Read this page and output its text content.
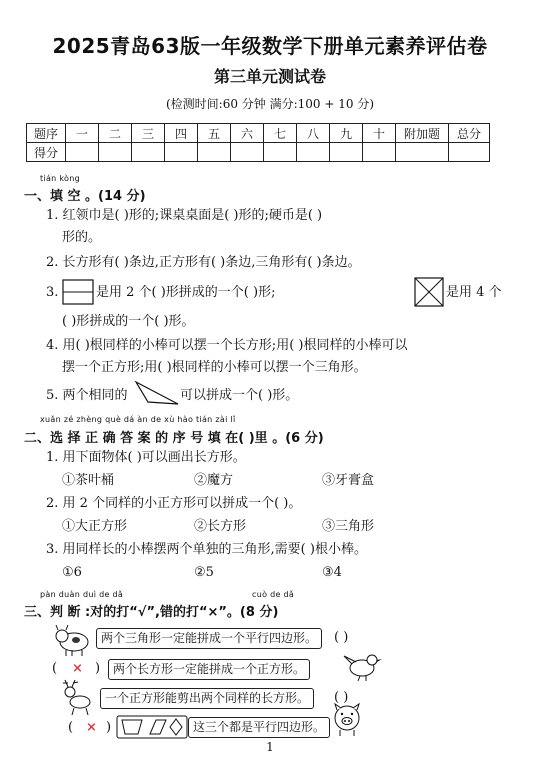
2025青岛63版一年级数学下册单元素养评估卷
第三单元测试卷
(检测时间:60 分钟 满分:100 + 10 分)
题序	一	二	三	四	五	六	七	八	九	十	附加题	总分
得分												
tián kòng
一、填 空 。(14 分)
1. 红领巾是( )形的;课桌桌面是( )形的;硬币是( )
形的。
2. 长方形有( )条边,正方形有( )条边,三角形有( )条边。
3.	是用 2 个( )形拼成的一个( )形;	是用 4 个
( )形拼成的一个( )形。
4. 用( )根同样的小棒可以摆一个长方形;用( )根同样的小棒可以
摆一个正方形;用( )根同样的小棒可以摆一个三角形。
5. 两个相同的	可以拼成一个( )形。
xuǎn zé zhèng què dá àn de xù hào tián zài lǐ
二、选 择 正 确 答 案 的 序 号 填 在( )里 。(6 分)
1. 用下面物体( )可以画出长方形。
①茶叶桶	②魔方	③牙膏盒
2. 用 2 个同样的小正方形可以拼成一个( )。
①大正方形	②长方形	③三角形
3. 用同样长的小棒摆两个单独的三角形,需要( )根小棒。
①6	②5	③4
pàn duàn duì de dǎ	cuò de dǎ
三、判 断 :对的打“√”,错的打“×”。(8 分)
两个三角形一定能拼成一个平行四边形。	( )
( × )	两个长方形一定能拼成一个正方形。
一个正方形能剪出两个同样的长方形。	( )
( × )	这三个都是平行四边形。
1
